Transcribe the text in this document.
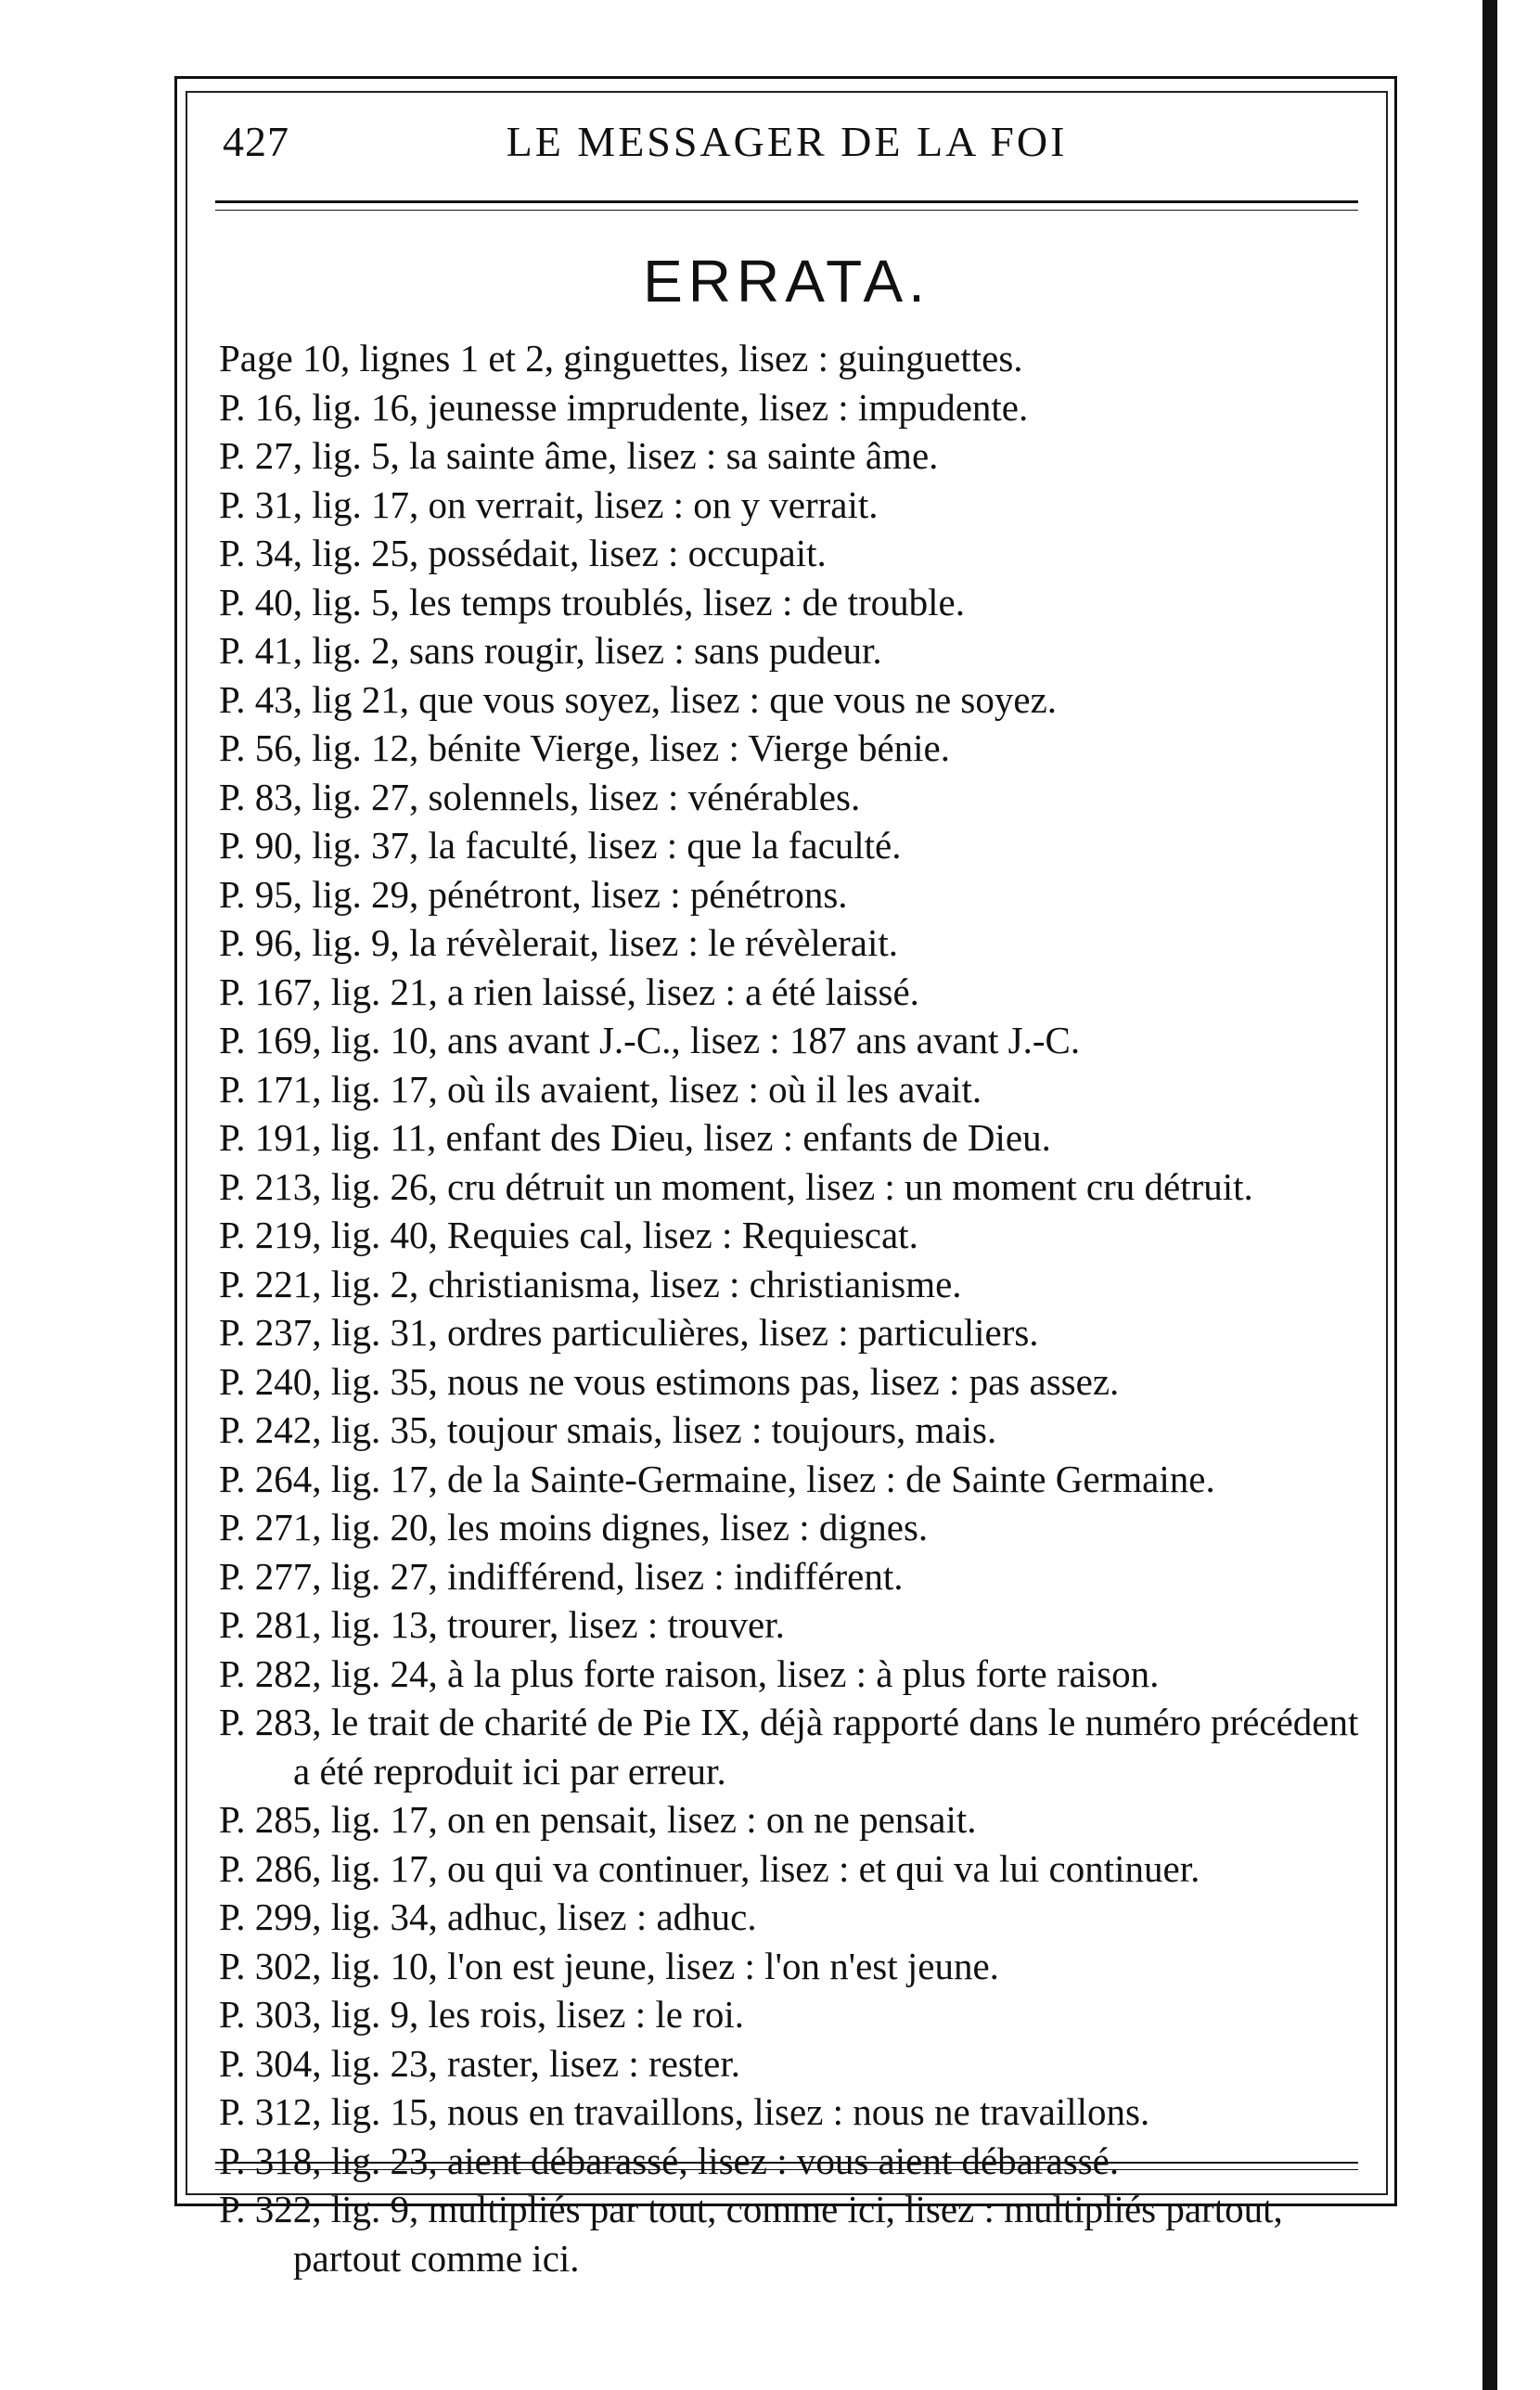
427	LE MESSAGER DE LA FOI
ERRATA.
Page 10, lignes 1 et 2, ginguettes, lisez : guinguettes.
P. 16, lig. 16, jeunesse imprudente, lisez : impudente.
P. 27, lig. 5, la sainte âme, lisez : sa sainte âme.
P. 31, lig. 17, on verrait, lisez : on y verrait.
P. 34, lig. 25, possédait, lisez : occupait.
P. 40, lig. 5, les temps troublés, lisez : de trouble.
P. 41, lig. 2, sans rougir, lisez : sans pudeur.
P. 43, lig 21, que vous soyez, lisez : que vous ne soyez.
P. 56, lig. 12, bénite Vierge, lisez : Vierge bénie.
P. 83, lig. 27, solennels, lisez : vénérables.
P. 90, lig. 37, la faculté, lisez : que la faculté.
P. 95, lig. 29, pénétront, lisez : pénétrons.
P. 96, lig. 9, la révèlerait, lisez : le révèlerait.
P. 167, lig. 21, a rien laissé, lisez : a été laissé.
P. 169, lig. 10, ans avant J.-C., lisez : 187 ans avant J.-C.
P. 171, lig. 17, où ils avaient, lisez : où il les avait.
P. 191, lig. 11, enfant des Dieu, lisez : enfants de Dieu.
P. 213, lig. 26, cru détruit un moment, lisez : un moment cru détruit.
P. 219, lig. 40, Requies cal, lisez : Requiescat.
P. 221, lig. 2, christianisma, lisez : christianisme.
P. 237, lig. 31, ordres particulières, lisez : particuliers.
P. 240, lig. 35, nous ne vous estimons pas, lisez : pas assez.
P. 242, lig. 35, toujour smais, lisez : toujours, mais.
P. 264, lig. 17, de la Sainte-Germaine, lisez : de Sainte Germaine.
P. 271, lig. 20, les moins dignes, lisez : dignes.
P. 277, lig. 27, indifférend, lisez : indifférent.
P. 281, lig. 13, trourer, lisez : trouver.
P. 282, lig. 24, à la plus forte raison, lisez : à plus forte raison.
P. 283, le trait de charité de Pie IX, déjà rapporté dans le numéro précédent a été reproduit ici par erreur.
P. 285, lig. 17, on en pensait, lisez : on ne pensait.
P. 286, lig. 17, ou qui va continuer, lisez : et qui va lui continuer.
P. 299, lig. 34, adhuc, lisez : adhuc.
P. 302, lig. 10, l'on est jeune, lisez : l'on n'est jeune.
P. 303, lig. 9, les rois, lisez : le roi.
P. 304, lig. 23, raster, lisez : rester.
P. 312, lig. 15, nous en travaillons, lisez : nous ne travaillons.
P. 318, lig. 23, aient débarassé, lisez : vous aient débarassé.
P. 322, lig. 9, multipliés par tout, comme ici, lisez : multipliés partout, partout comme ici.
